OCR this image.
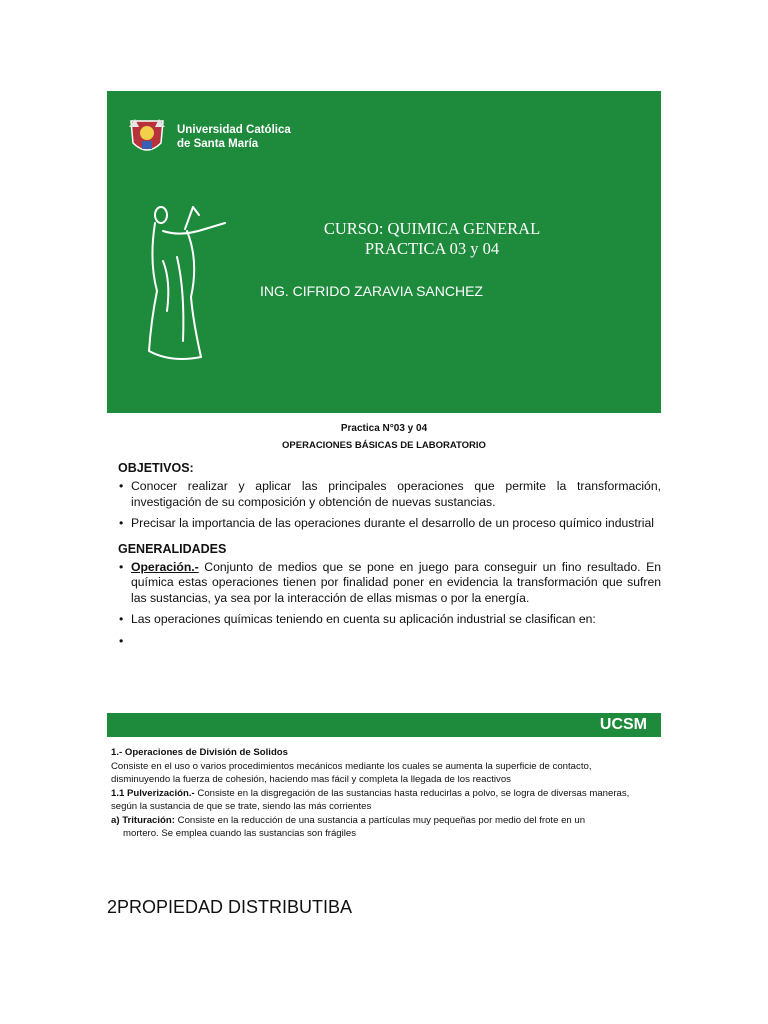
Universidad Católica
de Santa María
CURSO: QUIMICA GENERAL
PRACTICA 03 y 04
ING. CIFRIDO ZARAVIA SANCHEZ
Practica N°03 y 04
OPERACIONES BÁSICAS DE LABORATORIO
OBJETIVOS:
• Conocer realizar y aplicar las principales operaciones que permite la transformación, investigación de su composición y obtención de nuevas sustancias.
• Precisar la importancia de las operaciones durante el desarrollo de un proceso químico industrial
GENERALIDADES
• Operación.- Conjunto de medios que se pone en juego para conseguir un fino resultado. En química estas operaciones tienen por finalidad poner en evidencia la transformación que sufren las sustancias, ya sea por la interacción de ellas mismas o por la energía.
• Las operaciones químicas teniendo en cuenta su aplicación industrial se clasifican en:
UCSM
1.- Operaciones de División de Solidos
Consiste en el uso o varios procedimientos mecánicos mediante los cuales se aumenta la superficie de contacto, disminuyendo la fuerza de cohesión, haciendo mas fácil y completa la llegada de los reactivos
1.1 Pulverización.- Consiste en la disgregación de las sustancias hasta reducirlas a polvo, se logra de diversas maneras, según la sustancia de que se trate, siendo las más corrientes
a) Trituración: Consiste en la reducción de una sustancia a partículas muy pequeñas por medio del frote en un
mortero. Se emplea cuando las sustancias son frágiles
2PROPIEDAD DISTRIBUTIBA
